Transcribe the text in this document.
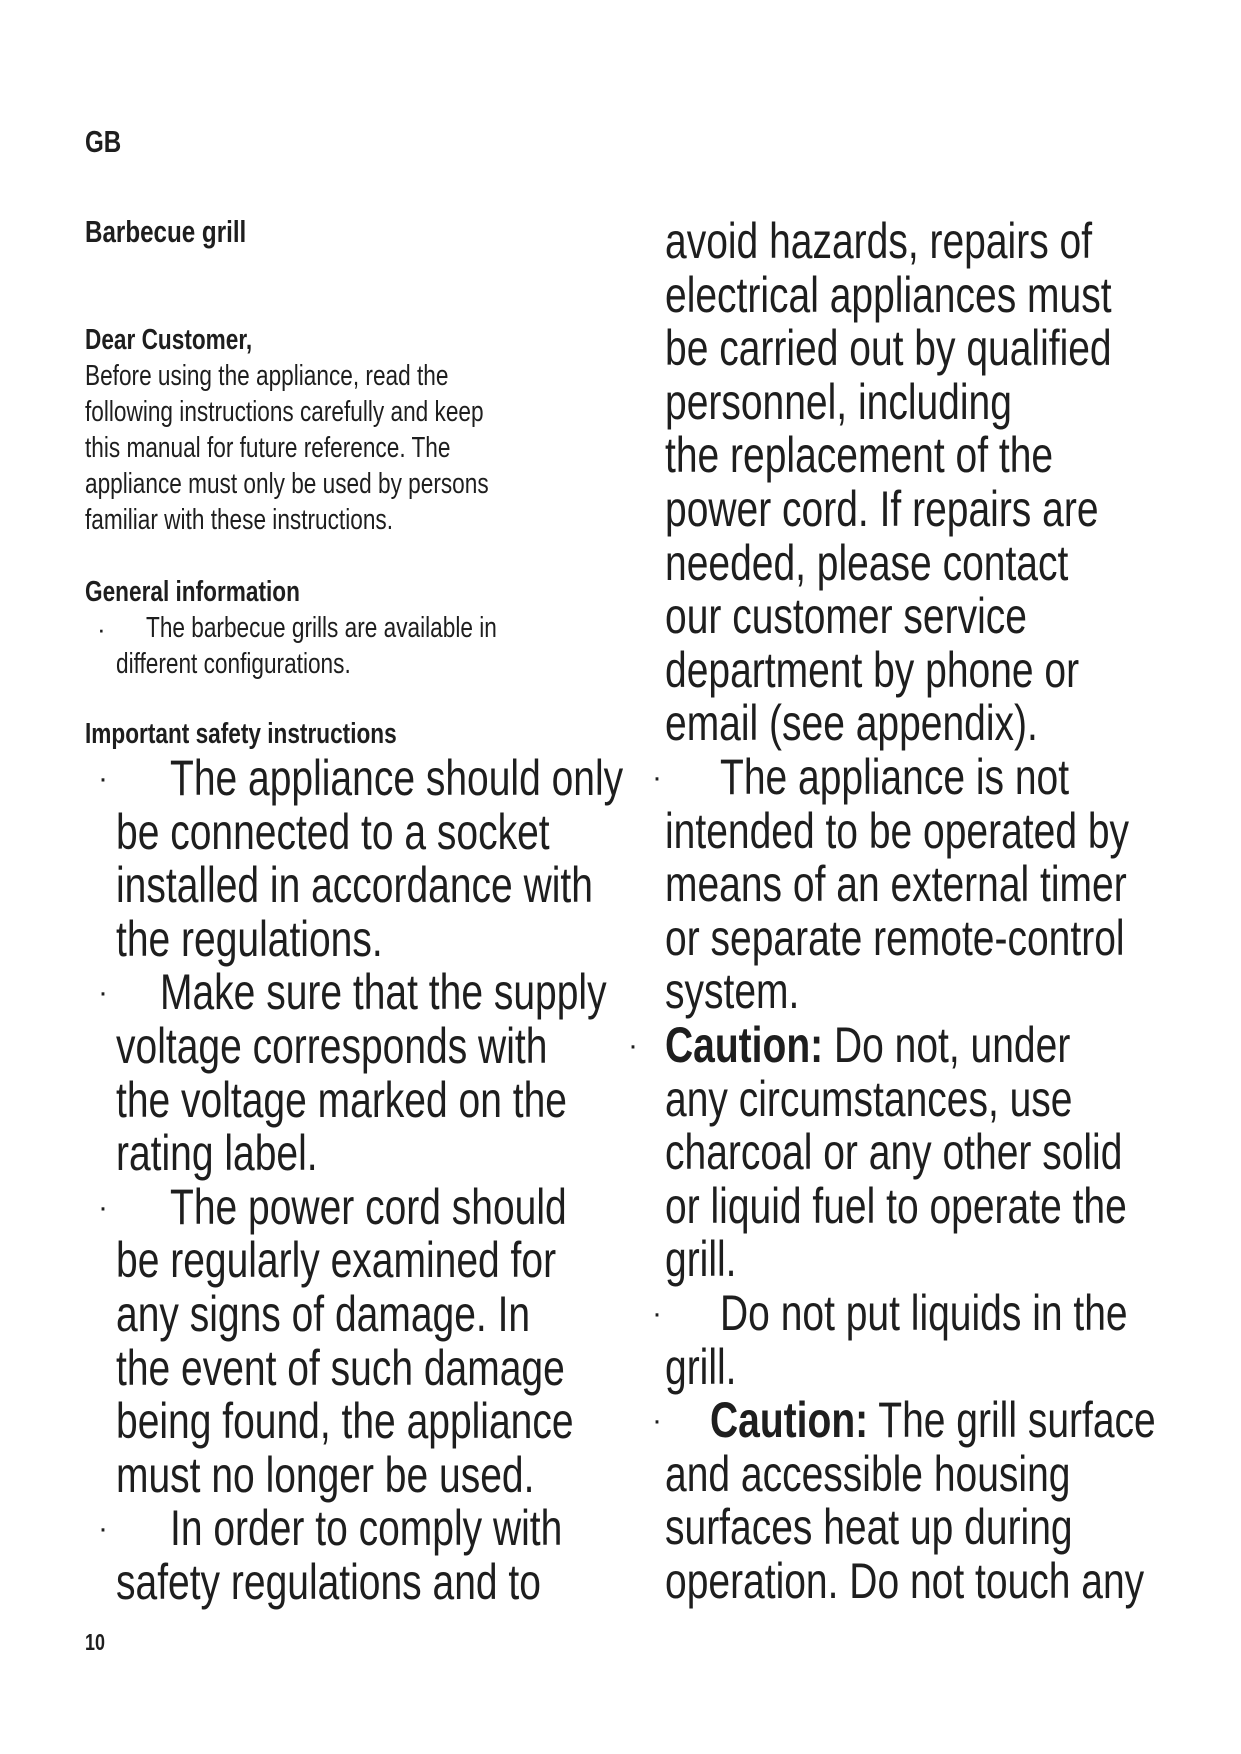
GB
Barbecue grill
Dear Customer,
Before using the appliance, read the
following instructions carefully and keep
this manual for future reference. The
appliance must only be used by persons
familiar with these instructions.
General information
· The barbecue grills are available in
different configurations.
Important safety instructions
· The appliance should only
be connected to a socket
installed in accordance with
the regulations.
· Make sure that the supply
voltage corresponds with
the voltage marked on the
rating label.
· The power cord should
be regularly examined for
any signs of damage. In
the event of such damage
being found, the appliance
must no longer be used.
· In order to comply with
safety regulations and to
avoid hazards, repairs of
electrical appliances must
be carried out by qualified
personnel, including
the replacement of the
power cord. If repairs are
needed, please contact
our customer service
department by phone or
email (see appendix).
· The appliance is not
intended to be operated by
means of an external timer
or separate remote-control
system.
· Caution: Do not, under
any circumstances, use
charcoal or any other solid
or liquid fuel to operate the
grill.
· Do not put liquids in the
grill.
· Caution: The grill surface
and accessible housing
surfaces heat up during
operation. Do not touch any
10
